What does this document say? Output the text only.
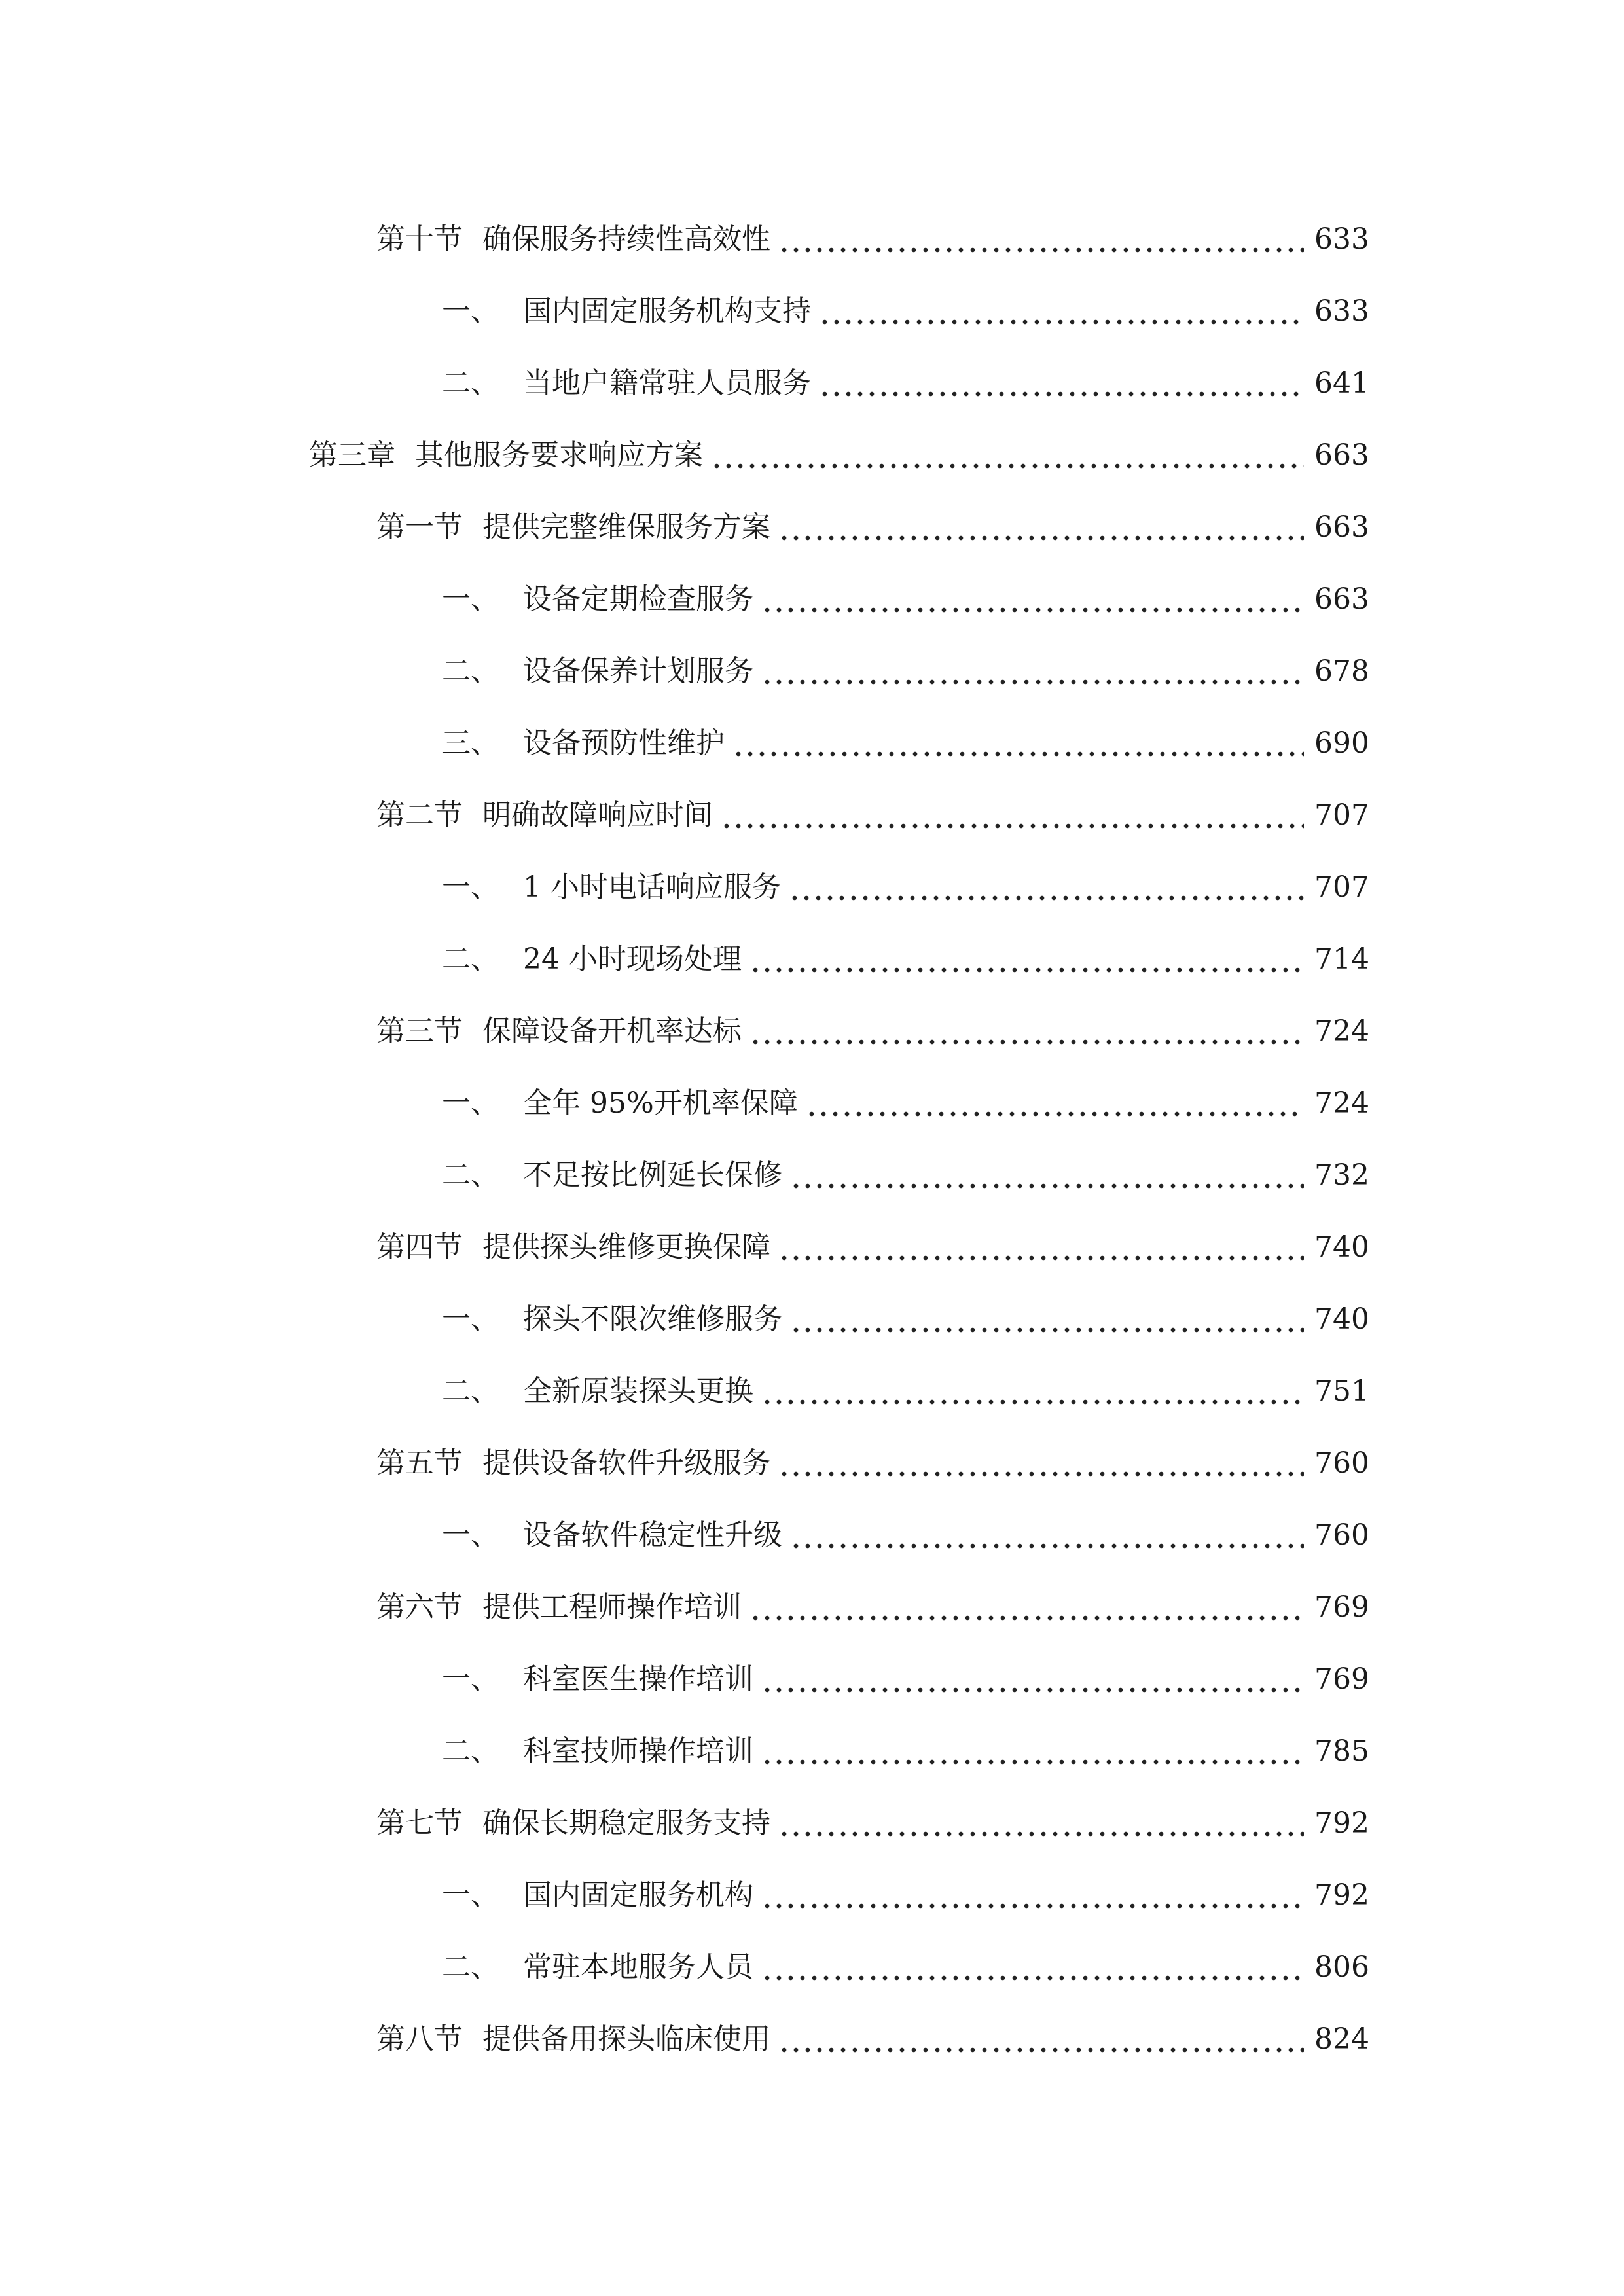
第十节 确保服务持续性高效性	633
一、 国内固定服务机构支持	633
二、 当地户籍常驻人员服务	641
第三章 其他服务要求响应方案	663
第一节 提供完整维保服务方案	663
一、 设备定期检查服务	663
二、 设备保养计划服务	678
三、 设备预防性维护	690
第二节 明确故障响应时间	707
一、 1 小时电话响应服务	707
二、 24 小时现场处理	714
第三节 保障设备开机率达标	724
一、 全年 95%开机率保障	724
二、 不足按比例延长保修	732
第四节 提供探头维修更换保障	740
一、 探头不限次维修服务	740
二、 全新原装探头更换	751
第五节 提供设备软件升级服务	760
一、 设备软件稳定性升级	760
第六节 提供工程师操作培训	769
一、 科室医生操作培训	769
二、 科室技师操作培训	785
第七节 确保长期稳定服务支持	792
一、 国内固定服务机构	792
二、 常驻本地服务人员	806
第八节 提供备用探头临床使用	824
